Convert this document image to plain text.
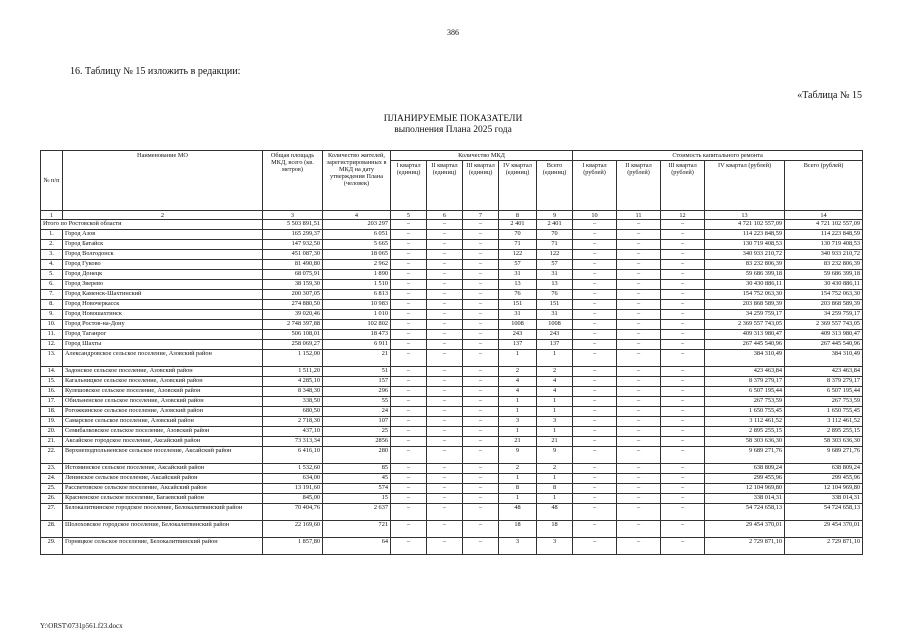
386
16. Таблицу № 15 изложить в редакции:
«Таблица № 15
ПЛАНИРУЕМЫЕ ПОКАЗАТЕЛИ
выполнения Плана 2025 года
№ п/п	Наименование МО	Общая площадь МКД, всего (кв. метров)	Количество жителей, зарегистрированных в МКД на дату утверждения Плана (человек)	Количество МКД					Стоимость капитального ремонта				
				I квартал (единиц)	II квартал (единиц)	III квартал (единиц)	IV квартал (единиц)	Всего (единиц)	I квартал (рублей)	II квартал (рублей)	III квартал (рублей)	IV квартал (рублей)	Всего (рублей)
1	2	3	4	5	6	7	8	9	10	11	12	13	14
Итого по Ростовской области		5 503 891,51	203 297	–	–	–	2 401	2 401	–	–	–	4 721 102 557,09	4 721 102 557,09
1.	Город Азов	165 299,37	6 051	–	–	–	70	70	–	–	–	114 223 848,59	114 223 848,59
2.	Город Батайск	147 932,50	5 665	–	–	–	71	71	–	–	–	130 719 408,53	130 719 408,53
3.	Город Волгодонск	451 087,30	18 065	–	–	–	122	122	–	–	–	340 933 210,72	340 933 210,72
4.	Город Гуково	81 490,80	2 962	–	–	–	57	57	–	–	–	83 232 806,39	83 232 806,39
5.	Город Донецк	68 075,91	1 890	–	–	–	31	31	–	–	–	59 686 399,18	59 686 399,18
6.	Город Зверево	38 159,30	1 510	–	–	–	13	13	–	–	–	30 430 886,11	30 430 886,11
7.	Город Каменск-Шахтинский	200 307,05	6 813	–	–	–	76	76	–	–	–	154 752 063,30	154 752 063,30
8.	Город Новочеркасск	274 880,50	10 983	–	–	–	151	151	–	–	–	203 868 589,39	203 868 589,39
9.	Город Новошахтинск	39 020,46	1 010	–	–	–	31	31	–	–	–	34 259 759,17	34 259 759,17
10.	Город Ростов-на-Дону	2 748 397,88	102 802	–	–	–	1008	1008	–	–	–	2 369 557 743,05	2 369 557 743,05
11.	Город Таганрог	506 108,01	18 473	–	–	–	243	243	–	–	–	409 313 980,47	409 313 980,47
12.	Город Шахты	258 069,27	6 911	–	–	–	137	137	–	–	–	267 445 540,96	267 445 540,96
13.	Александровское сельское поселение, Азовский район	1 152,00	21	–	–	–	1	1	–	–	–	384 310,49	384 310,49
14.	Задонское сельское поселение, Азовский район	1 511,20	51	–	–	–	2	2	–	–	–	423 463,84	423 463,84
15.	Кагальницкое сельское поселение, Азовский район	4 285,10	157	–	–	–	4	4	–	–	–	8 379 279,17	8 379 279,17
16.	Кулешовское сельское поселение, Азовский район	8 348,30	296	–	–	–	4	4	–	–	–	6 507 195,44	6 507 195,44
17.	Обильненское сельское поселение, Азовский район	338,50	55	–	–	–	1	1	–	–	–	267 753,59	267 753,59
18.	Рогожкинское сельское поселение, Азовский район	680,50	24	–	–	–	1	1	–	–	–	1 650 755,45	1 650 755,45
19.	Самарское сельское поселение, Азовский район	2 718,30	107	–	–	–	3	3	–	–	–	3 112 461,52	3 112 461,52
20.	Семибалковское сельское поселение, Азовский район	437,10	25	–	–	–	1	1	–	–	–	2 895 255,15	2 895 255,15
21.	Аксайское городское поселение, Аксайский район	73 313,34	2856	–	–	–	21	21	–	–	–	58 303 636,30	58 303 636,30
22.	Верхнеподпольненское сельское поселение, Аксайский район	6 416,10	280	–	–	–	9	9	–	–	–	9 689 271,76	9 689 271,76
23.	Истоминское сельское поселение, Аксайский район	1 532,60	85	–	–	–	2	2	–	–	–	638 809,24	638 809,24
24.	Ленинское сельское поселение, Аксайский район	634,00	45	–	–	–	1	1	–	–	–	299 455,96	299 455,96
25.	Рассветовское сельское поселение, Аксайский район	13 191,60	574	–	–	–	8	8	–	–	–	12 104 969,80	12 104 969,80
26.	Красненское сельское поселение, Багаевский район	845,00	15	–	–	–	1	1	–	–	–	338 014,31	338 014,31
27.	Белокалитвинское городское поселение, Белокалитвинский район	70 404,76	2 637	–	–	–	48	48	–	–	–	54 724 658,13	54 724 658,13
28.	Шолоховское городское поселение, Белокалитвинский район	22 169,60	721	–	–	–	18	18	–	–	–	29 454 370,01	29 454 370,01
29.	Горняцкое сельское поселение, Белокалитвинский район	1 857,80	64	–	–	–	3	3	–	–	–	2 729 871,10	2 729 871,10
Y:\ORST\0731p561.f23.docx
